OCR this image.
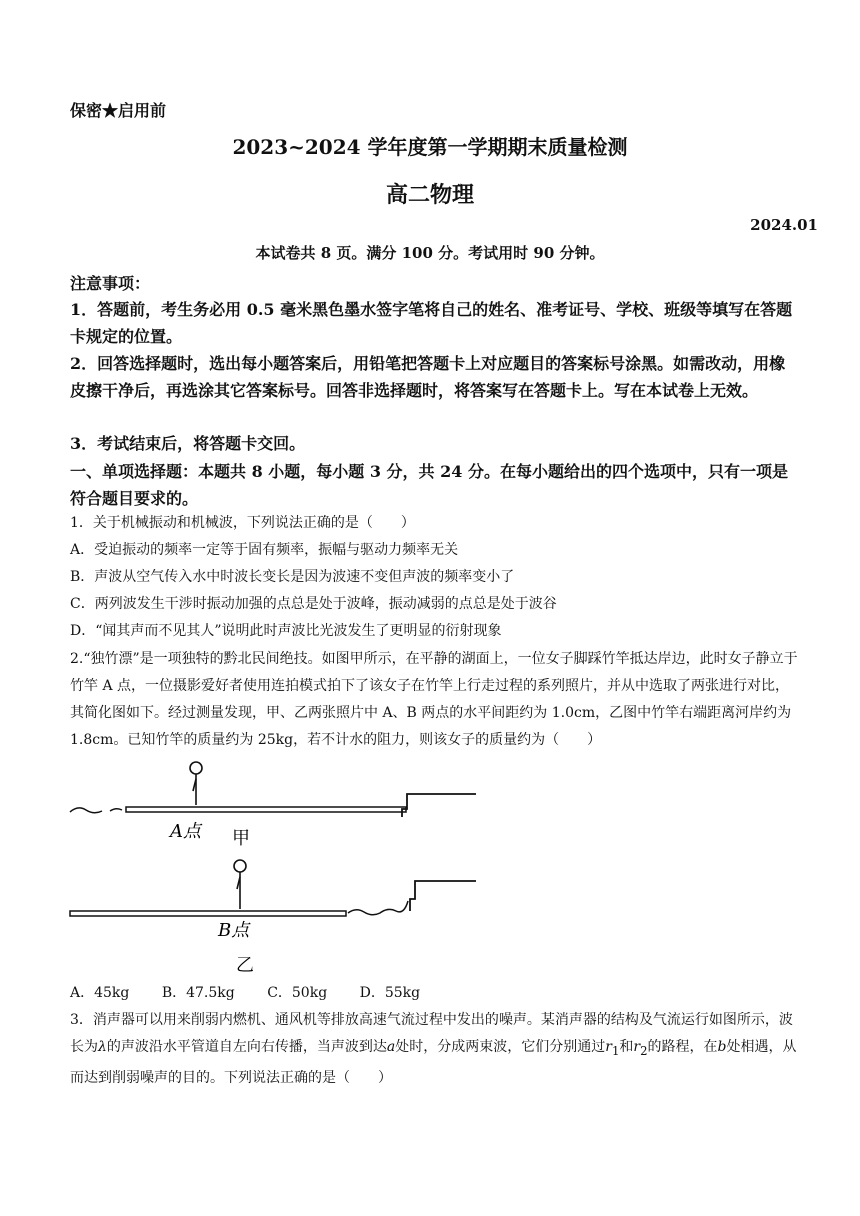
保密★启用前
2023~2024 学年度第一学期期末质量检测
高二物理
2024.01
本试卷共 8 页。满分 100 分。考试用时 90 分钟。
注意事项：
1．答题前，考生务必用 0.5 毫米黑色墨水签字笔将自己的姓名、准考证号、学校、班级等填写在答题卡规定的位置。
2．回答选择题时，选出每小题答案后，用铅笔把答题卡上对应题目的答案标号涂黑。如需改动，用橡皮擦干净后，再选涂其它答案标号。回答非选择题时，将答案写在答题卡上。写在本试卷上无效。
3．考试结束后，将答题卡交回。
一、单项选择题：本题共 8 小题，每小题 3 分，共 24 分。在每小题给出的四个选项中，只有一项是符合题目要求的。
1．关于机械振动和机械波，下列说法正确的是（　　）
A．受迫振动的频率一定等于固有频率，振幅与驱动力频率无关
B．声波从空气传入水中时波长变长是因为波速不变但声波的频率变小了
C．两列波发生干涉时振动加强的点总是处于波峰，振动减弱的点总是处于波谷
D．“闻其声而不见其人”说明此时声波比光波发生了更明显的衍射现象
2.“独竹漂”是一项独特的黔北民间绝技。如图甲所示，在平静的湖面上，一位女子脚踩竹竿抵达岸边，此时女子静立于竹竿 A 点，一位摄影爱好者使用连拍模式拍下了该女子在竹竿上行走过程的系列照片，并从中选取了两张进行对比，其简化图如下。经过测量发现，甲、乙两张照片中 A、B 两点的水平间距约为 1.0cm，乙图中竹竿右端距离河岸约为 1.8cm。已知竹竿的质量约为 25kg，若不计水的阻力，则该女子的质量约为（　　）
A点 甲
B点
乙
A．45kg B．47.5kg C．50kg D．55kg
3．消声器可以用来削弱内燃机、通风机等排放高速气流过程中发出的噪声。某消声器的结构及气流运行如图所示，波长为λ的声波沿水平管道自左向右传播，当声波到达a处时，分成两束波，它们分别通过$r_1$和$r_2$的路程，在b处相遇，从而达到削弱噪声的目的。下列说法正确的是（　　）
